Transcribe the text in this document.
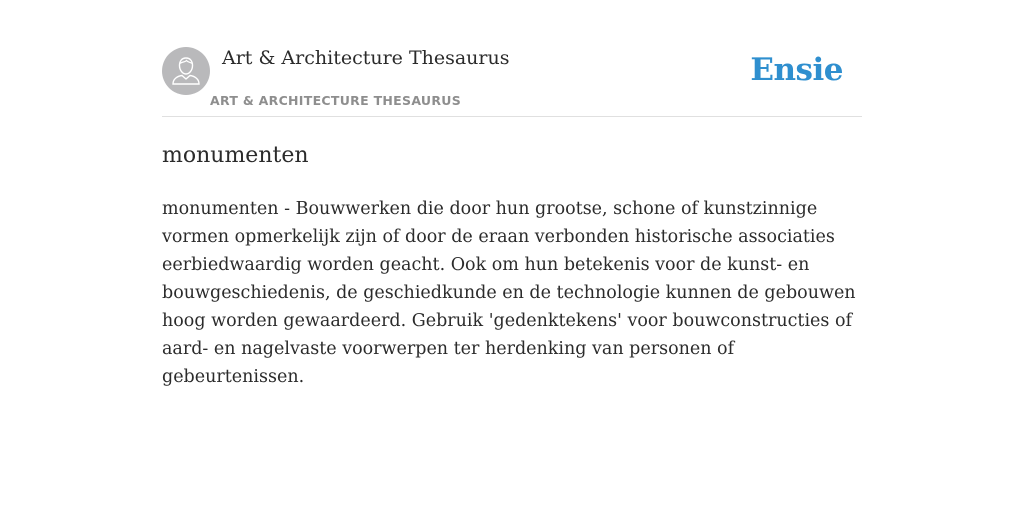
Art & Architecture Thesaurus
ART & ARCHITECTURE THESAURUS
Ensie
monumenten

monumenten - Bouwwerken die door hun grootse, schone of kunstzinnige vormen opmerkelijk zijn of door de eraan verbonden historische associaties eerbiedwaardig worden geacht. Ook om hun betekenis voor de kunst- en bouwgeschiedenis, de geschiedkunde en de technologie kunnen de gebouwen hoog worden gewaardeerd. Gebruik 'gedenktekens' voor bouwconstructies of aard- en nagelvaste voorwerpen ter herdenking van personen of gebeurtenissen.
